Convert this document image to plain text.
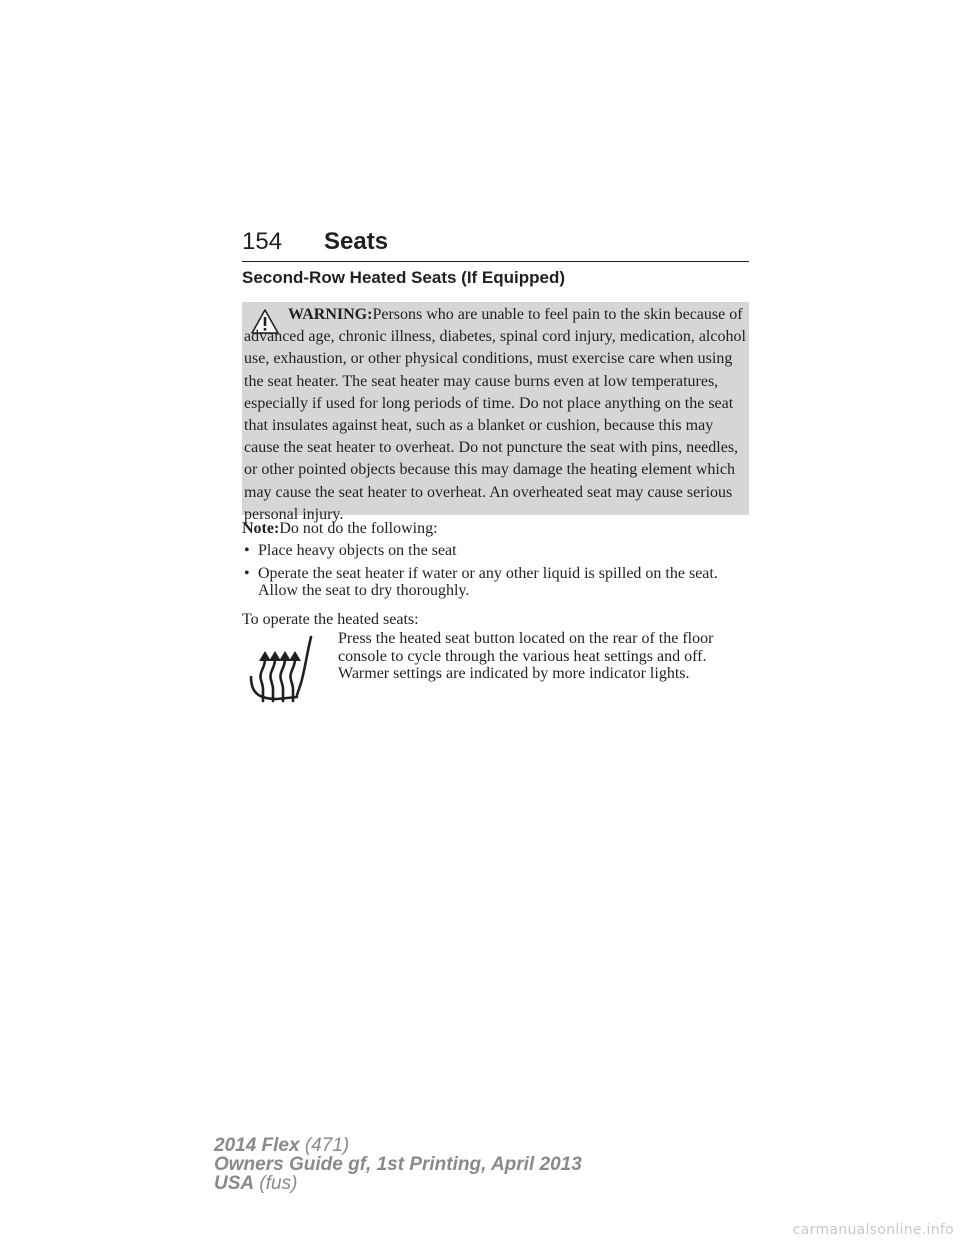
154 Seats
Second-Row Heated Seats (If Equipped)

WARNING:Persons who are unable to feel pain to the skin because of advanced age, chronic illness, diabetes, spinal cord injury, medication, alcohol use, exhaustion, or other physical conditions, must exercise care when using the seat heater. The seat heater may cause burns even at low temperatures, especially if used for long periods of time. Do not place anything on the seat that insulates against heat, such as a blanket or cushion, because this may cause the seat heater to overheat. Do not puncture the seat with pins, needles, or other pointed objects because this may damage the heating element which may cause the seat heater to overheat. An overheated seat may cause serious personal injury.

Note:Do not do the following:

• Place heavy objects on the seat
• Operate the seat heater if water or any other liquid is spilled on the seat. Allow the seat to dry thoroughly.

To operate the heated seats:

Press the heated seat button located on the rear of the floor console to cycle through the various heat settings and off. Warmer settings are indicated by more indicator lights.

2014 Flex (471)
Owners Guide gf, 1st Printing, April 2013
USA (fus)
carmanualsonline.info
